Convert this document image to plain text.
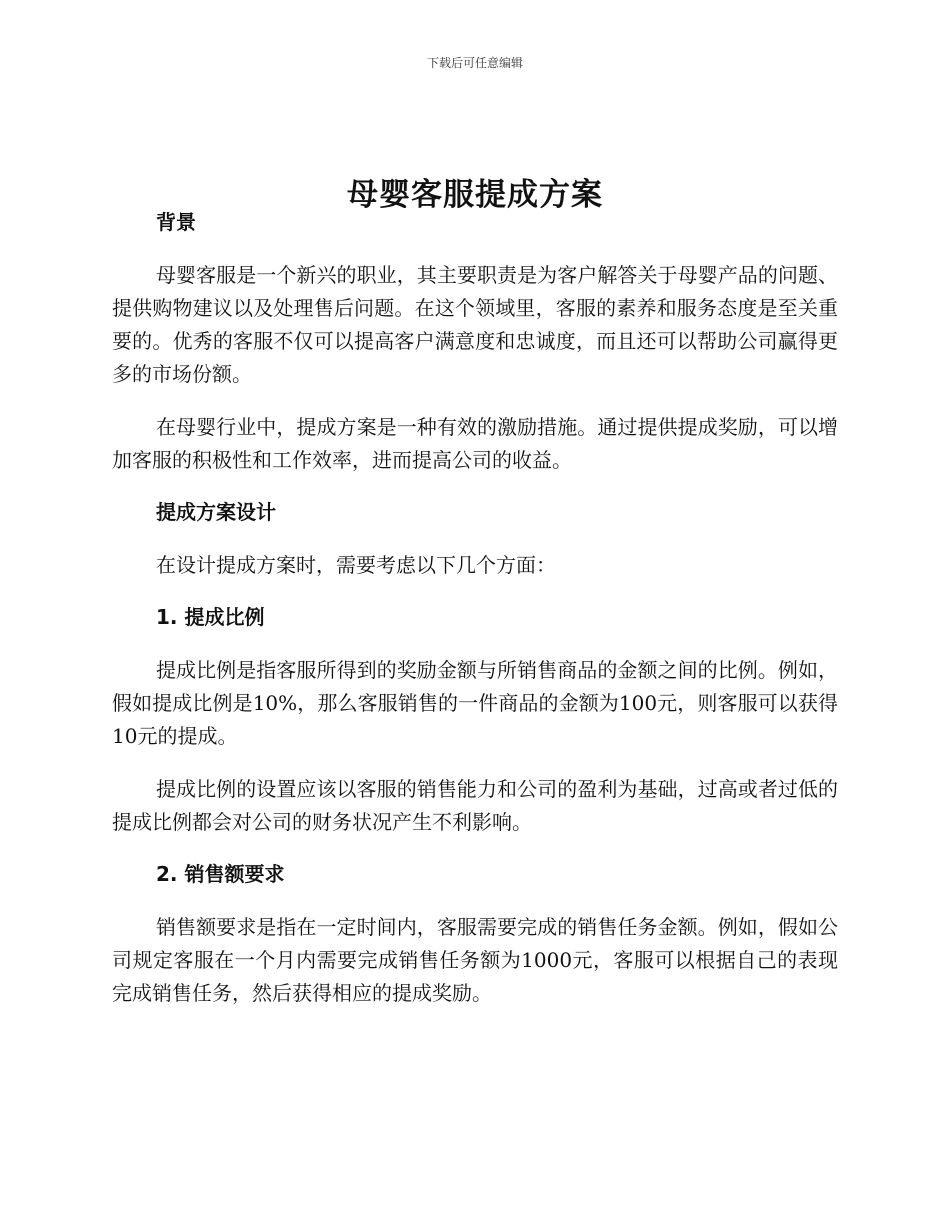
下载后可任意编辑
母婴客服提成方案
背景

母婴客服是一个新兴的职业，其主要职责是为客户解答关于母婴产品的问题、提供购物建议以及处理售后问题。在这个领域里，客服的素养和服务态度是至关重要的。优秀的客服不仅可以提高客户满意度和忠诚度，而且还可以帮助公司赢得更多的市场份额。

在母婴行业中，提成方案是一种有效的激励措施。通过提供提成奖励，可以增加客服的积极性和工作效率，进而提高公司的收益。

提成方案设计

在设计提成方案时，需要考虑以下几个方面：

1. 提成比例

提成比例是指客服所得到的奖励金额与所销售商品的金额之间的比例。例如，假如提成比例是10%，那么客服销售的一件商品的金额为100元，则客服可以获得10元的提成。

提成比例的设置应该以客服的销售能力和公司的盈利为基础，过高或者过低的提成比例都会对公司的财务状况产生不利影响。

2. 销售额要求

销售额要求是指在一定时间内，客服需要完成的销售任务金额。例如，假如公司规定客服在一个月内需要完成销售任务额为1000元，客服可以根据自己的表现完成销售任务，然后获得相应的提成奖励。
